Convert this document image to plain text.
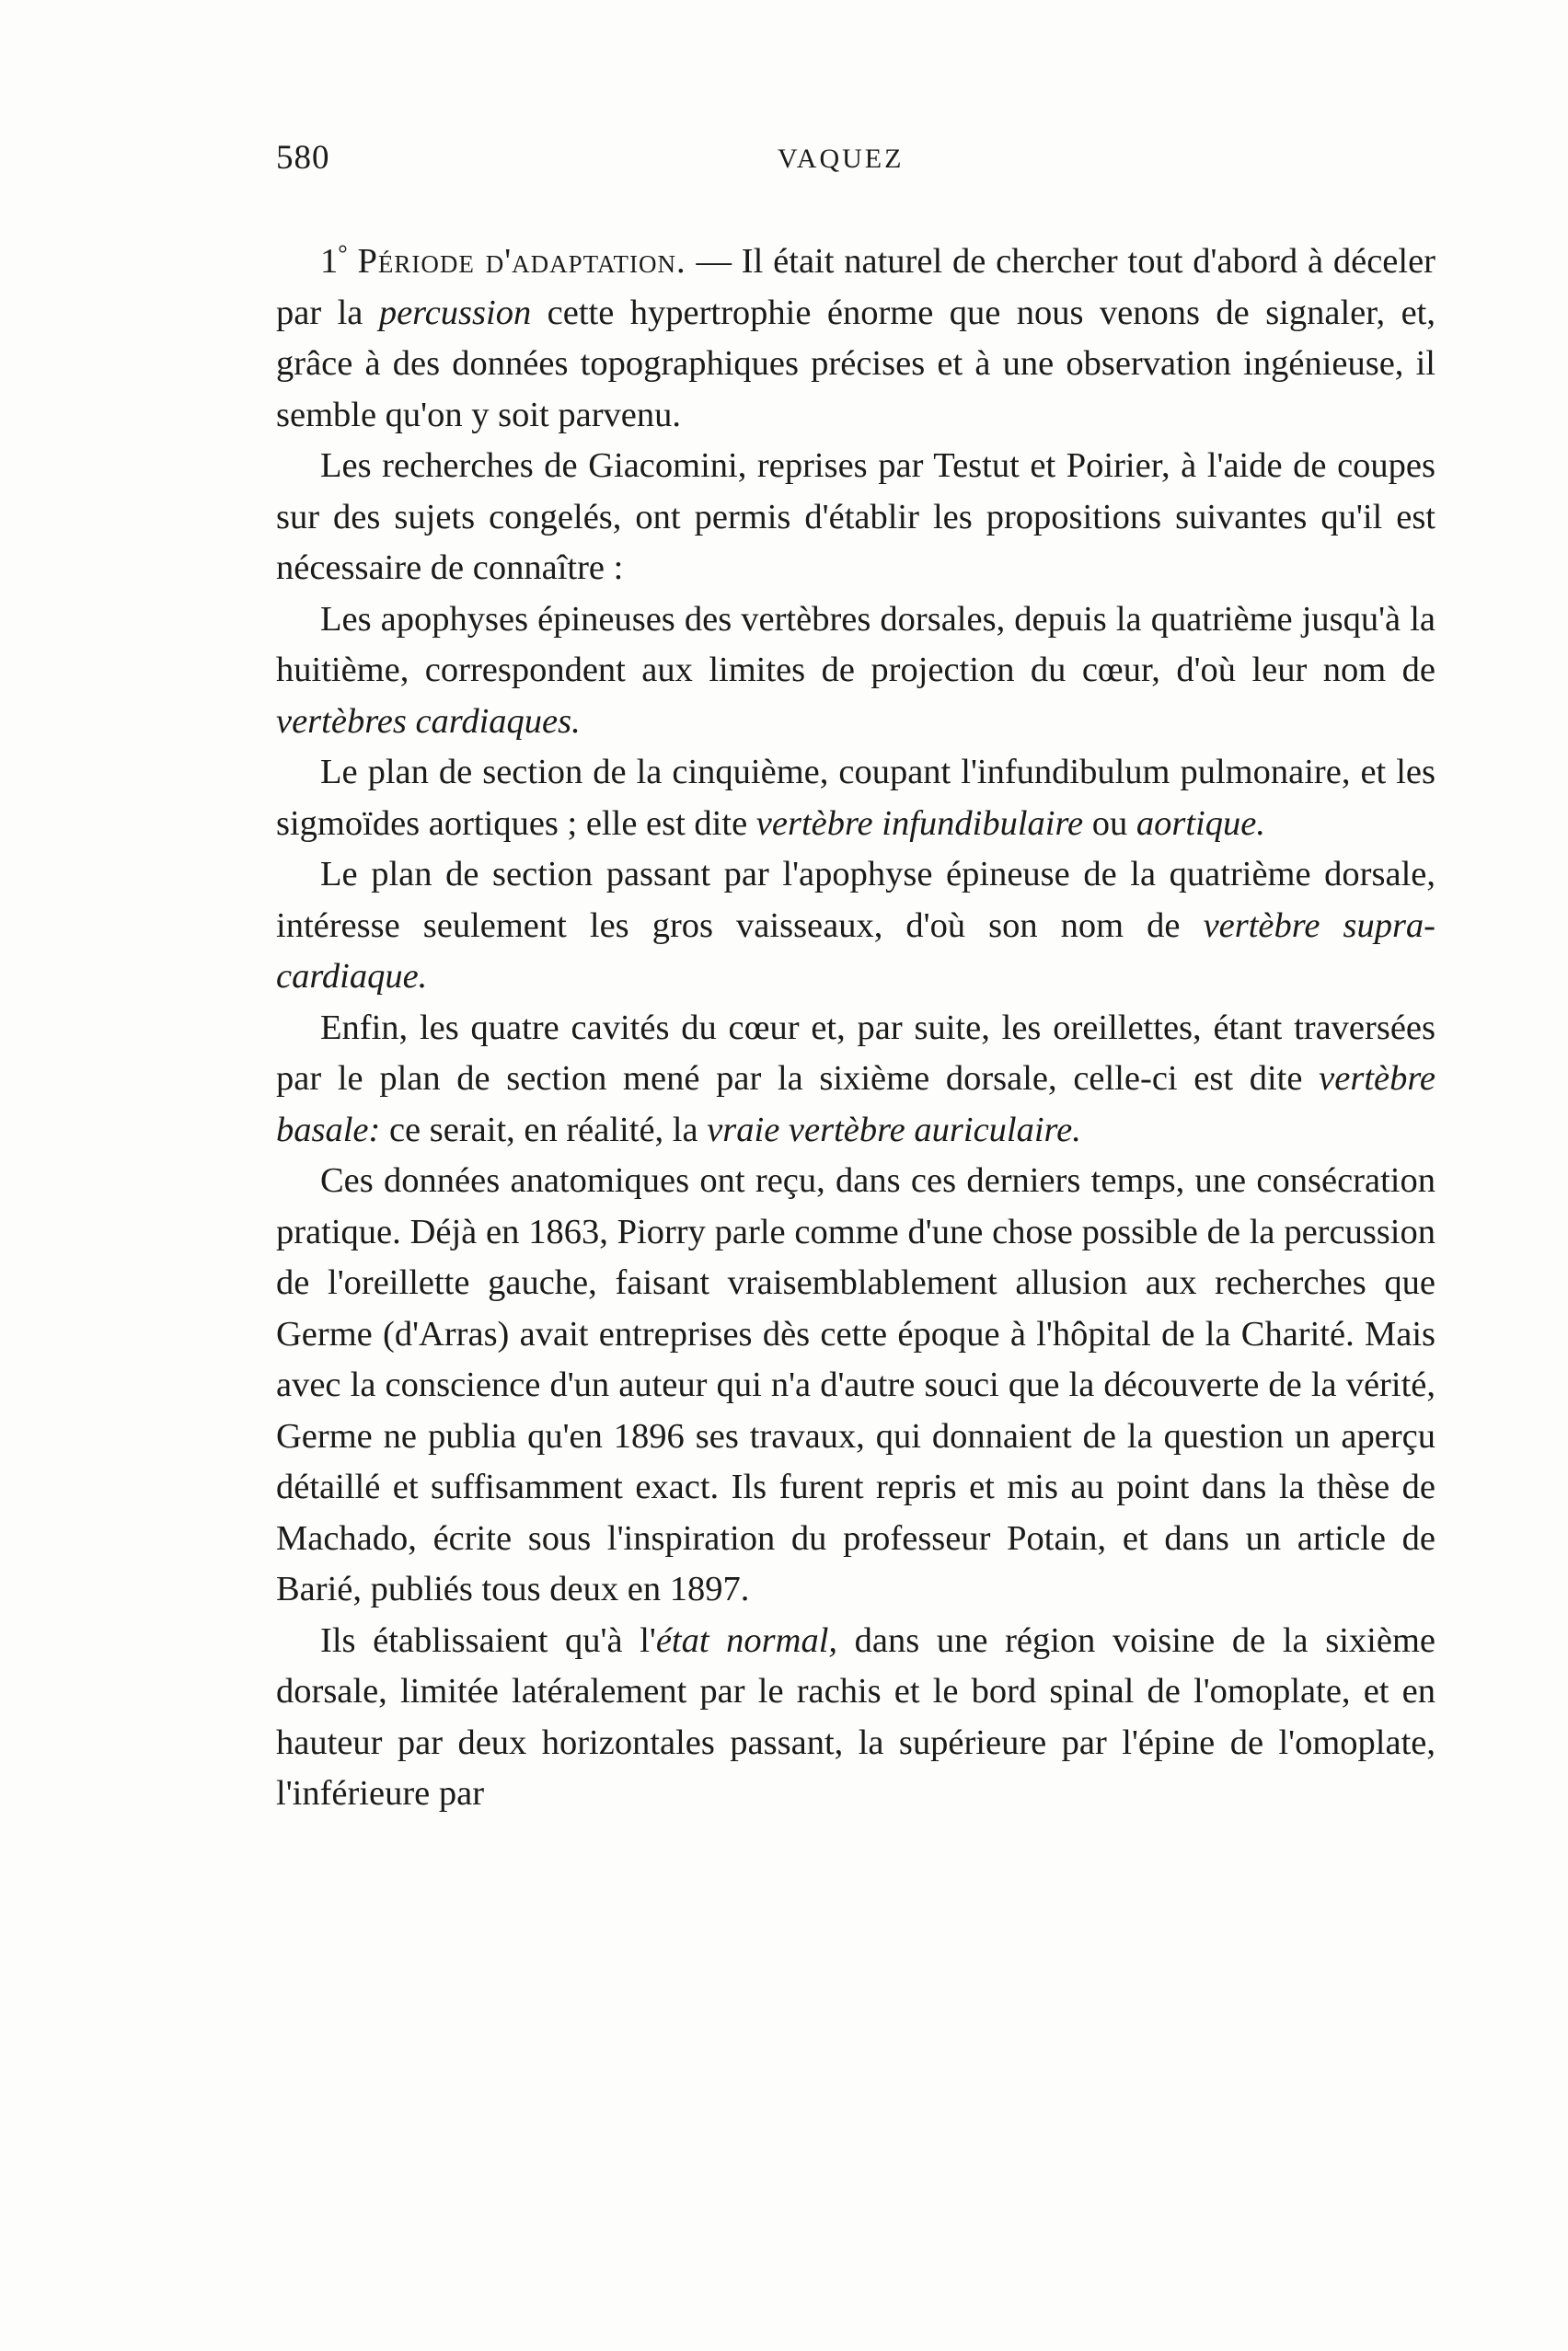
580	VAQUEZ

1° Période d'adaptation. — Il était naturel de chercher tout d'abord à déceler par la percussion cette hypertrophie énorme que nous venons de signaler, et, grâce à des données topographiques précises et à une observation ingénieuse, il semble qu'on y soit parvenu.

Les recherches de Giacomini, reprises par Testut et Poirier, à l'aide de coupes sur des sujets congelés, ont permis d'établir les propositions suivantes qu'il est nécessaire de connaître :

Les apophyses épineuses des vertèbres dorsales, depuis la quatrième jusqu'à la huitième, correspondent aux limites de projection du cœur, d'où leur nom de vertèbres cardiaques.

Le plan de section de la cinquième, coupant l'infundibulum pulmonaire, et les sigmoïdes aortiques ; elle est dite vertèbre infundibulaire ou aortique.

Le plan de section passant par l'apophyse épineuse de la quatrième dorsale, intéresse seulement les gros vaisseaux, d'où son nom de vertèbre supra-cardiaque.

Enfin, les quatre cavités du cœur et, par suite, les oreillettes, étant traversées par le plan de section mené par la sixième dorsale, celle-ci est dite vertèbre basale: ce serait, en réalité, la vraie vertèbre auriculaire.

Ces données anatomiques ont reçu, dans ces derniers temps, une consécration pratique. Déjà en 1863, Piorry parle comme d'une chose possible de la percussion de l'oreillette gauche, faisant vraisemblablement allusion aux recherches que Germe (d'Arras) avait entreprises dès cette époque à l'hôpital de la Charité. Mais avec la conscience d'un auteur qui n'a d'autre souci que la découverte de la vérité, Germe ne publia qu'en 1896 ses travaux, qui donnaient de la question un aperçu détaillé et suffisamment exact. Ils furent repris et mis au point dans la thèse de Machado, écrite sous l'inspiration du professeur Potain, et dans un article de Barié, publiés tous deux en 1897.

Ils établissaient qu'à l'état normal, dans une région voisine de la sixième dorsale, limitée latéralement par le rachis et le bord spinal de l'omoplate, et en hauteur par deux horizontales passant, la supérieure par l'épine de l'omoplate, l'inférieure par
